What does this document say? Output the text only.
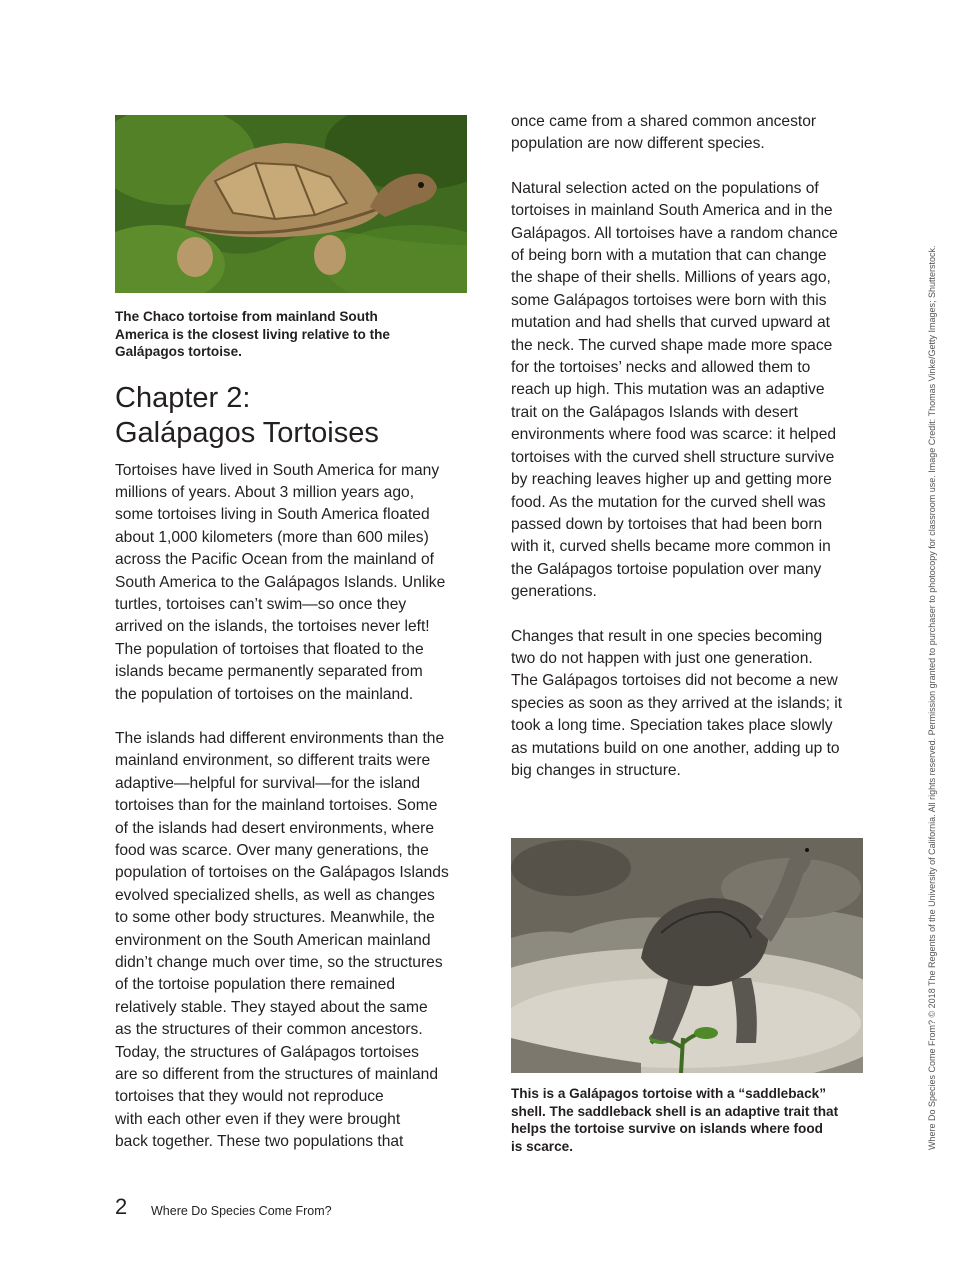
The Chaco tortoise from mainland South
America is the closest living relative to the
Galápagos tortoise.

Chapter 2:
Galápagos Tortoises

Tortoises have lived in South America for many
millions of years. About 3 million years ago,
some tortoises living in South America floated
about 1,000 kilometers (more than 600 miles)
across the Pacific Ocean from the mainland of
South America to the Galápagos Islands. Unlike
turtles, tortoises can’t swim—so once they
arrived on the islands, the tortoises never left!
The population of tortoises that floated to the
islands became permanently separated from
the population of tortoises on the mainland.

The islands had different environments than the
mainland environment, so different traits were
adaptive—helpful for survival—for the island
tortoises than for the mainland tortoises. Some
of the islands had desert environments, where
food was scarce. Over many generations, the
population of tortoises on the Galápagos Islands
evolved specialized shells, as well as changes
to some other body structures. Meanwhile, the
environment on the South American mainland
didn’t change much over time, so the structures
of the tortoise population there remained
relatively stable. They stayed about the same
as the structures of their common ancestors.
Today, the structures of Galápagos tortoises
are so different from the structures of mainland
tortoises that they would not reproduce
with each other even if they were brought
back together. These two populations that

once came from a shared common ancestor
population are now different species.

Natural selection acted on the populations of
tortoises in mainland South America and in the
Galápagos. All tortoises have a random chance
of being born with a mutation that can change
the shape of their shells. Millions of years ago,
some Galápagos tortoises were born with this
mutation and had shells that curved upward at
the neck. The curved shape made more space
for the tortoises’ necks and allowed them to
reach up high. This mutation was an adaptive
trait on the Galápagos Islands with desert
environments where food was scarce: it helped
tortoises with the curved shell structure survive
by reaching leaves higher up and getting more
food. As the mutation for the curved shell was
passed down by tortoises that had been born
with it, curved shells became more common in
the Galápagos tortoise population over many
generations.

Changes that result in one species becoming
two do not happen with just one generation.
The Galápagos tortoises did not become a new
species as soon as they arrived at the islands; it
took a long time. Speciation takes place slowly
as mutations build on one another, adding up to
big changes in structure.

This is a Galápagos tortoise with a “saddleback”
shell. The saddleback shell is an adaptive trait that
helps the tortoise survive on islands where food
is scarce.	Where Do Species Come From? © 2018 The Regents of the University of California. All rights reserved. Permission granted to purchaser to photocopy for classroom use. Image Credit: Thomas Vinke/Getty Images; Shutterstock.
2 Where Do Species Come From?
